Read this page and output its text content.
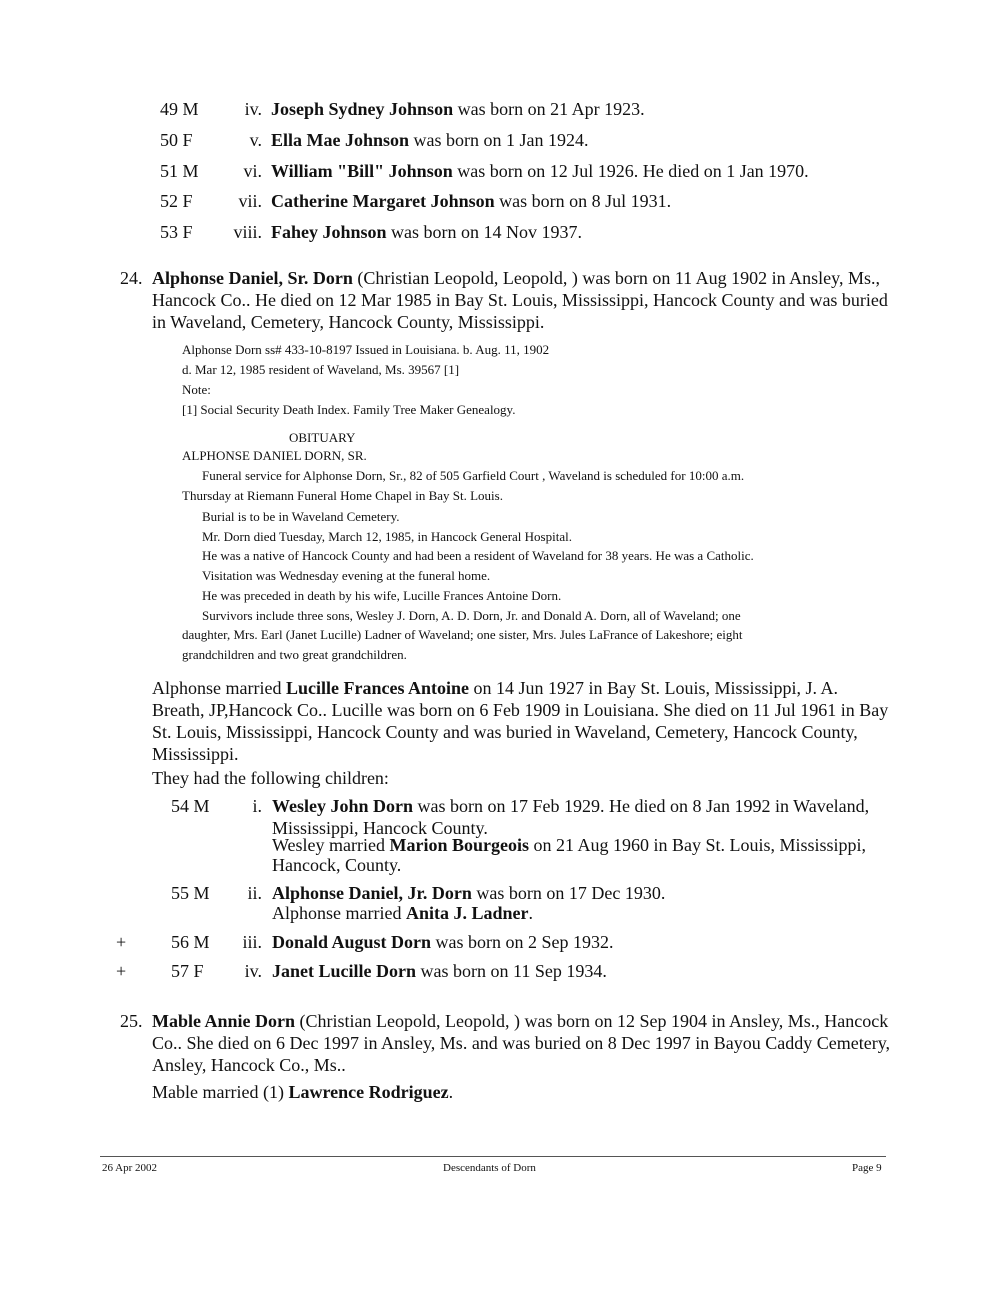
49 M	iv. Joseph Sydney Johnson was born on 21 Apr 1923.
50 F	v. Ella Mae Johnson was born on 1 Jan 1924.
51 M	vi. William "Bill" Johnson was born on 12 Jul 1926. He died on 1 Jan 1970.
52 F	vii. Catherine Margaret Johnson was born on 8 Jul 1931.
53 F	viii. Fahey Johnson was born on 14 Nov 1937.
24. Alphonse Daniel, Sr. Dorn (Christian Leopold, Leopold, ) was born on 11 Aug 1902 in Ansley, Ms.,
Hancock Co.. He died on 12 Mar 1985 in Bay St. Louis, Mississippi, Hancock County and was buried
in Waveland, Cemetery, Hancock County, Mississippi.
Alphonse Dorn ss# 433-10-8197 Issued in Louisiana. b. Aug. 11, 1902
d. Mar 12, 1985 resident of Waveland, Ms. 39567 [1]
Note:
[1] Social Security Death Index. Family Tree Maker Genealogy.
OBITUARY
ALPHONSE DANIEL DORN, SR.
Funeral service for Alphonse Dorn, Sr., 82 of 505 Garfield Court , Waveland is scheduled for 10:00 a.m.
Thursday at Riemann Funeral Home Chapel in Bay St. Louis.
Burial is to be in Waveland Cemetery.
Mr. Dorn died Tuesday, March 12, 1985, in Hancock General Hospital.
He was a native of Hancock County and had been a resident of Waveland for 38 years. He was a Catholic.
Visitation was Wednesday evening at the funeral home.
He was preceded in death by his wife, Lucille Frances Antoine Dorn.
Survivors include three sons, Wesley J. Dorn, A. D. Dorn, Jr. and Donald A. Dorn, all of Waveland; one
daughter, Mrs. Earl (Janet Lucille) Ladner of Waveland; one sister, Mrs. Jules LaFrance of Lakeshore; eight
grandchildren and two great grandchildren.
Alphonse married Lucille Frances Antoine on 14 Jun 1927 in Bay St. Louis, Mississippi, J. A.
Breath, JP,Hancock Co.. Lucille was born on 6 Feb 1909 in Louisiana. She died on 11 Jul 1961 in Bay
St. Louis, Mississippi, Hancock County and was buried in Waveland, Cemetery, Hancock County,
Mississippi.
They had the following children:
54 M	i. Wesley John Dorn was born on 17 Feb 1929. He died on 8 Jan 1992 in Waveland,
Mississippi, Hancock County.
Wesley married Marion Bourgeois on 21 Aug 1960 in Bay St. Louis, Mississippi,
Hancock, County.
55 M	ii. Alphonse Daniel, Jr. Dorn was born on 17 Dec 1930.
Alphonse married Anita J. Ladner.
+ 56 M	iii. Donald August Dorn was born on 2 Sep 1932.
+ 57 F	iv. Janet Lucille Dorn was born on 11 Sep 1934.
25. Mable Annie Dorn (Christian Leopold, Leopold, ) was born on 12 Sep 1904 in Ansley, Ms., Hancock
Co.. She died on 6 Dec 1997 in Ansley, Ms. and was buried on 8 Dec 1997 in Bayou Caddy Cemetery,
Ansley, Hancock Co., Ms..
Mable married (1) Lawrence Rodriguez.
26 Apr 2002	Descendants of Dorn	Page 9
